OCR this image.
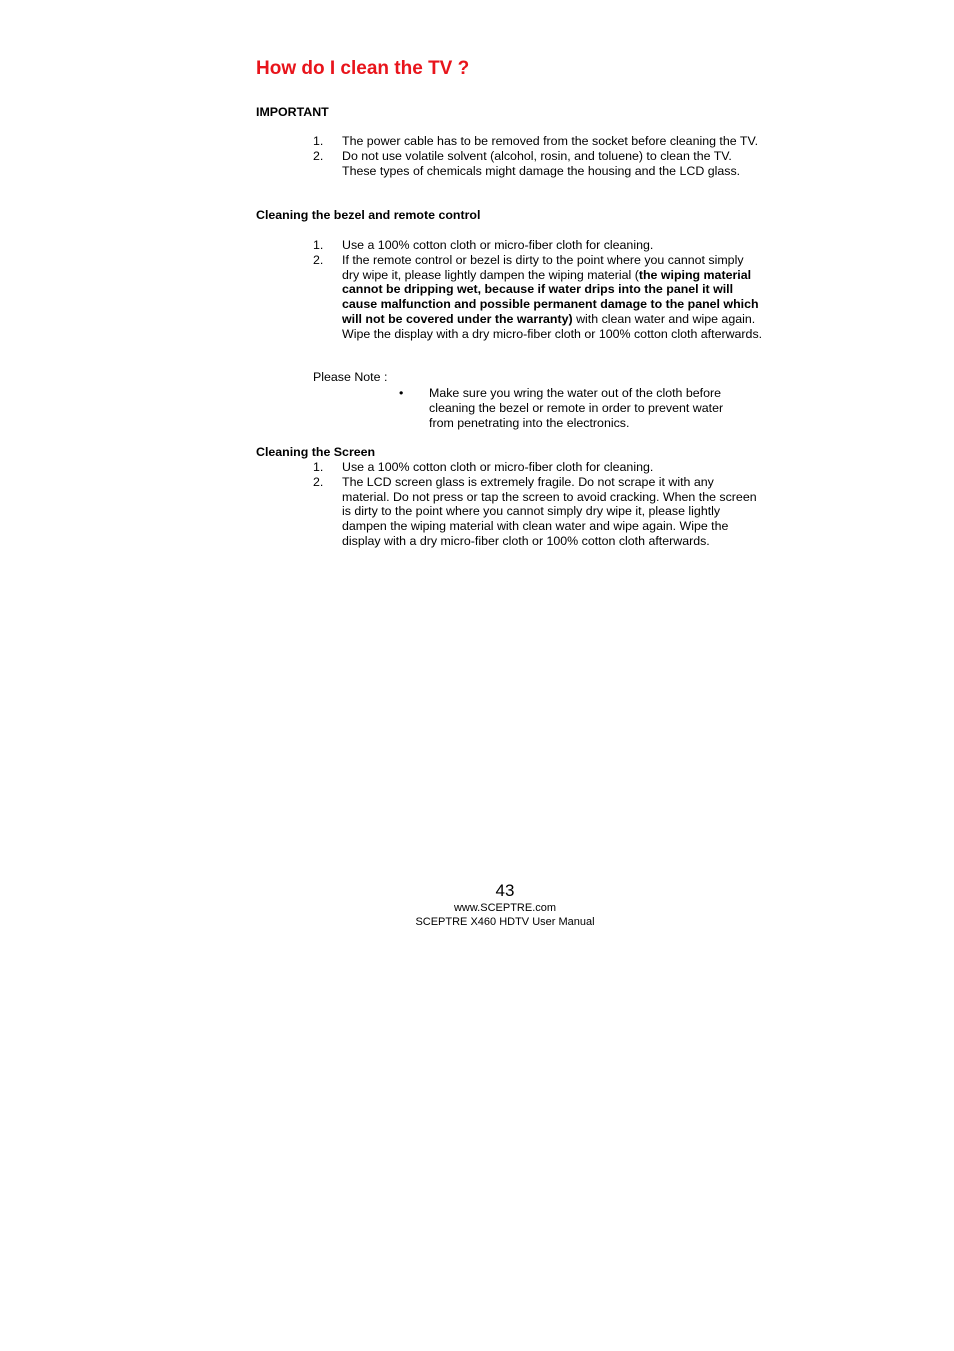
How do I clean the TV ?
IMPORTANT
1. The power cable has to be removed from the socket before cleaning the TV.
2. Do not use volatile solvent (alcohol, rosin, and toluene) to clean the TV. These types of chemicals might damage the housing and the LCD glass.
Cleaning the bezel and remote control
1. Use a 100% cotton cloth or micro-fiber cloth for cleaning.
2. If the remote control or bezel is dirty to the point where you cannot simply dry wipe it, please lightly dampen the wiping material (the wiping material cannot be dripping wet, because if water drips into the panel it will cause malfunction and possible permanent damage to the panel which will not be covered under the warranty) with clean water and wipe again. Wipe the display with a dry micro-fiber cloth or 100% cotton cloth afterwards.
Please Note :
• Make sure you wring the water out of the cloth before cleaning the bezel or remote in order to prevent water from penetrating into the electronics.
Cleaning the Screen
1. Use a 100% cotton cloth or micro-fiber cloth for cleaning.
2. The LCD screen glass is extremely fragile. Do not scrape it with any material. Do not press or tap the screen to avoid cracking. When the screen is dirty to the point where you cannot simply dry wipe it, please lightly dampen the wiping material with clean water and wipe again. Wipe the display with a dry micro-fiber cloth or 100% cotton cloth afterwards.
43
www.SCEPTRE.com
SCEPTRE X460 HDTV User Manual
